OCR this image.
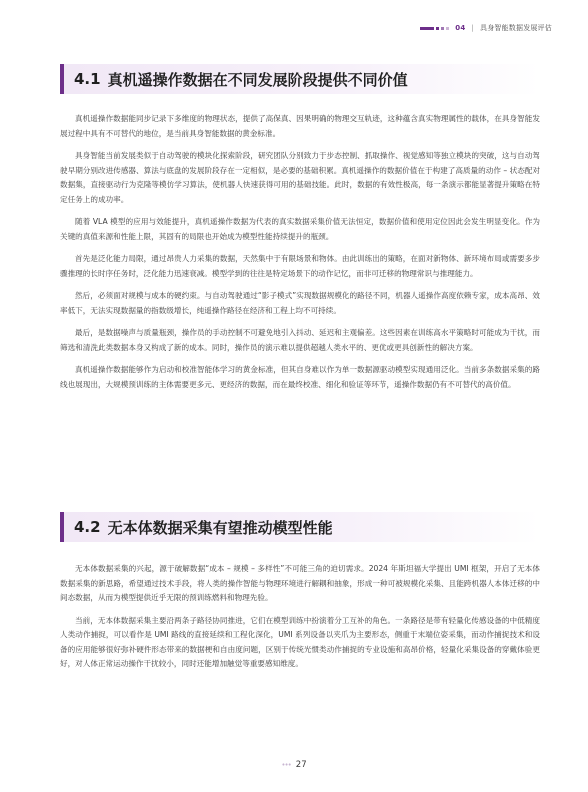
04 | 具身智能数据发展评估
4.1 真机遥操作数据在不同发展阶段提供不同价值

真机遥操作数据能同步记录下多维度的物理状态，提供了高保真、因果明确的物理交互轨迹，这种蕴含真实物理属性的载体，在具身智能发展过程中具有不可替代的地位，是当前具身智能数据的黄金标准。

具身智能当前发展类似于自动驾驶的模块化探索阶段，研究团队分别致力于步态控制、抓取操作、视觉感知等独立模块的突破，这与自动驾驶早期分别改进传感器、算法与底盘的发展阶段存在一定相似，是必要的基础积累。真机遥操作的数据价值在于构建了高质量的动作 – 状态配对数据集，直接驱动行为克隆等模仿学习算法，使机器人快速获得可用的基础技能。此时，数据的有效性极高，每一条演示都能显著提升策略在特定任务上的成功率。

随着 VLA 模型的应用与效能提升，真机遥操作数据为代表的真实数据采集价值无法恒定，数据价值和使用定位因此会发生明显变化。作为关键的真值来源和性能上限，其固有的局限也开始成为模型性能持续提升的瓶颈。

首先是泛化能力局限，通过昂贵人力采集的数据，天然集中于有限场景和物体。由此训练出的策略，在面对新物体、新环境布局或需要多步骤推理的长时序任务时，泛化能力迅速衰减。模型学到的往往是特定场景下的动作记忆，而非可迁移的物理常识与推理能力。

然后，必须面对规模与成本的硬约束。与自动驾驶通过“影子模式”实现数据规模化的路径不同，机器人遥操作高度依赖专家，成本高昂、效率低下，无法实现数据量的指数级增长，纯遥操作路径在经济和工程上均不可持续。

最后，是数据噪声与质量瓶颈，操作员的手动控制不可避免地引入抖动、延迟和主观偏差。这些因素在训练高水平策略时可能成为干扰，而筛选和清洗此类数据本身又构成了新的成本。同时，操作员的演示难以提供超越人类水平的、更优或更具创新性的解决方案。

真机遥操作数据能够作为启动和校准智能体学习的黄金标准，但其自身难以作为单一数据源驱动模型实现通用泛化。当前多条数据采集的路线也展现出，大规模预训练的主体需要更多元、更经济的数据，而在最终校准、细化和验证等环节，遥操作数据仍有不可替代的高价值。

4.2 无本体数据采集有望推动模型性能

无本体数据采集的兴起，源于破解数据“成本 – 规模 – 多样性”不可能三角的迫切需求。2024 年斯坦福大学提出 UMI 框架，开启了无本体数据采集的新思路，希望通过技术手段，将人类的操作智能与物理环境进行解耦和抽象，形成一种可被规模化采集、且能跨机器人本体迁移的中间态数据，从而为模型提供近乎无限的预训练燃料和物理先验。

当前，无本体数据采集主要沿两条子路径协同推进，它们在模型训练中扮演着分工互补的角色。一条路径是带有轻量化传感设备的中低精度人类动作捕捉，可以看作是 UMI 路线的直接延续和工程化深化，UMI 系列设备以夹爪为主要形态，侧重于末端位姿采集，而动作捕捉技术和设备的应用能够很好弥补硬件形态带来的数据梗和自由度问题，区别于传统光惯类动作捕捉的专业设施和高昂价格，轻量化采集设备的穿戴体验更好，对人体正常运动操作干扰较小，同时还能增加触觉等重要感知维度。

••• 27
